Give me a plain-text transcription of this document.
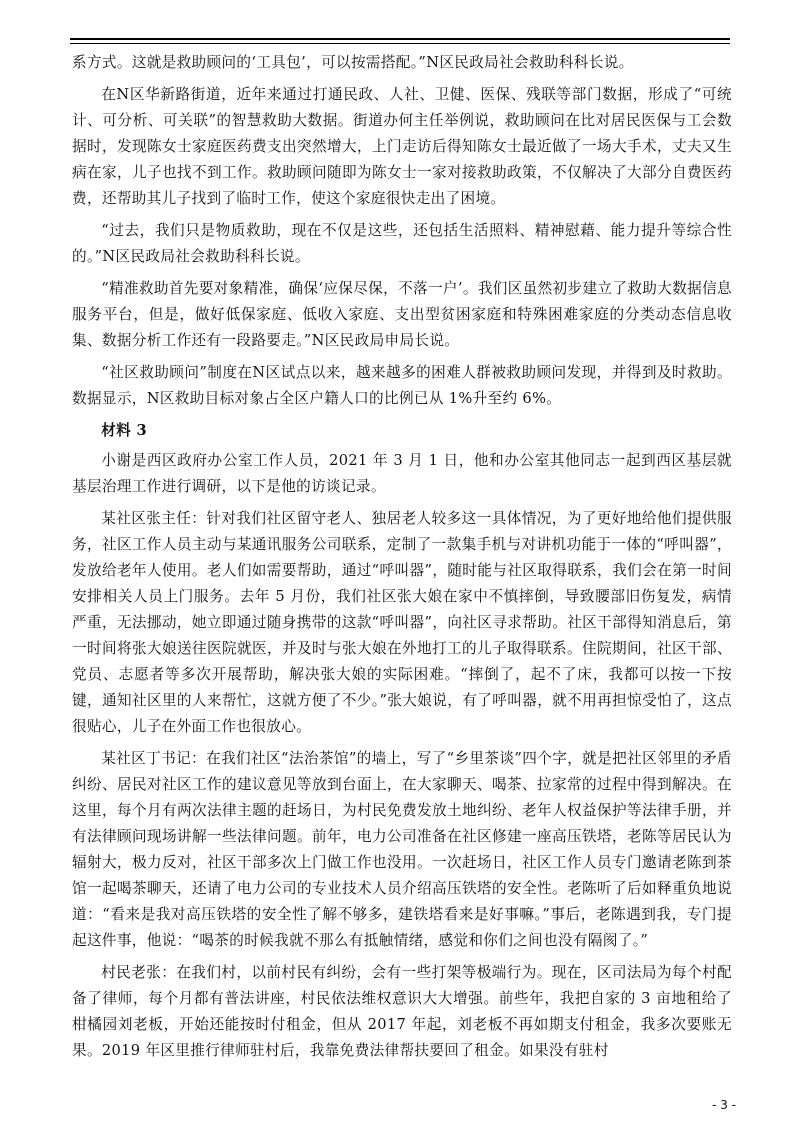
系方式。这就是救助顾问的‘工具包’，可以按需搭配。”N区民政局社会救助科科长说。

在N区华新路街道，近年来通过打通民政、人社、卫健、医保、残联等部门数据，形成了“可统计、可分析、可关联”的智慧救助大数据。街道办何主任举例说，救助顾问在比对居民医保与工会数据时，发现陈女士家庭医药费支出突然增大，上门走访后得知陈女士最近做了一场大手术，丈夫又生病在家，儿子也找不到工作。救助顾问随即为陈女士一家对接救助政策，不仅解决了大部分自费医药费，还帮助其儿子找到了临时工作，使这个家庭很快走出了困境。

“过去，我们只是物质救助，现在不仅是这些，还包括生活照料、精神慰藉、能力提升等综合性的。”N区民政局社会救助科科长说。

“精准救助首先要对象精准，确保‘应保尽保，不落一户’。我们区虽然初步建立了救助大数据信息服务平台，但是，做好低保家庭、低收入家庭、支出型贫困家庭和特殊困难家庭的分类动态信息收集、数据分析工作还有一段路要走。”N区民政局申局长说。

“社区救助顾问”制度在N区试点以来，越来越多的困难人群被救助顾问发现，并得到及时救助。数据显示，N区救助目标对象占全区户籍人口的比例已从 1%升至约 6%。

材料 3

小谢是西区政府办公室工作人员，2021 年 3 月 1 日，他和办公室其他同志一起到西区基层就基层治理工作进行调研，以下是他的访谈记录。

某社区张主任：针对我们社区留守老人、独居老人较多这一具体情况，为了更好地给他们提供服务，社区工作人员主动与某通讯服务公司联系，定制了一款集手机与对讲机功能于一体的“呼叫器”，发放给老年人使用。老人们如需要帮助，通过“呼叫器”，随时能与社区取得联系，我们会在第一时间安排相关人员上门服务。去年 5 月份，我们社区张大娘在家中不慎摔倒，导致腰部旧伤复发，病情严重，无法挪动，她立即通过随身携带的这款“呼叫器”，向社区寻求帮助。社区干部得知消息后，第一时间将张大娘送往医院就医，并及时与张大娘在外地打工的儿子取得联系。住院期间，社区干部、党员、志愿者等多次开展帮助，解决张大娘的实际困难。“摔倒了，起不了床，我都可以按一下按键，通知社区里的人来帮忙，这就方便了不少。”张大娘说，有了呼叫器，就不用再担惊受怕了，这点很贴心，儿子在外面工作也很放心。

某社区丁书记：在我们社区“法治茶馆”的墙上，写了“乡里茶谈”四个字，就是把社区邻里的矛盾纠纷、居民对社区工作的建议意见等放到台面上，在大家聊天、喝茶、拉家常的过程中得到解决。在这里，每个月有两次法律主题的赶场日，为村民免费发放土地纠纷、老年人权益保护等法律手册，并有法律顾问现场讲解一些法律问题。前年，电力公司准备在社区修建一座高压铁塔，老陈等居民认为辐射大，极力反对，社区干部多次上门做工作也没用。一次赶场日，社区工作人员专门邀请老陈到茶馆一起喝茶聊天，还请了电力公司的专业技术人员介绍高压铁塔的安全性。老陈听了后如释重负地说道：“看来是我对高压铁塔的安全性了解不够多，建铁塔看来是好事嘛。”事后，老陈遇到我，专门提起这件事，他说：“喝茶的时候我就不那么有抵触情绪，感觉和你们之间也没有隔阂了。”

村民老张：在我们村，以前村民有纠纷，会有一些打架等极端行为。现在，区司法局为每个村配备了律师，每个月都有普法讲座，村民依法维权意识大大增强。前些年，我把自家的 3 亩地租给了柑橘园刘老板，开始还能按时付租金，但从 2017 年起，刘老板不再如期支付租金，我多次要账无果。2019 年区里推行律师驻村后，我靠免费法律帮扶要回了租金。如果没有驻村

- 3 -
